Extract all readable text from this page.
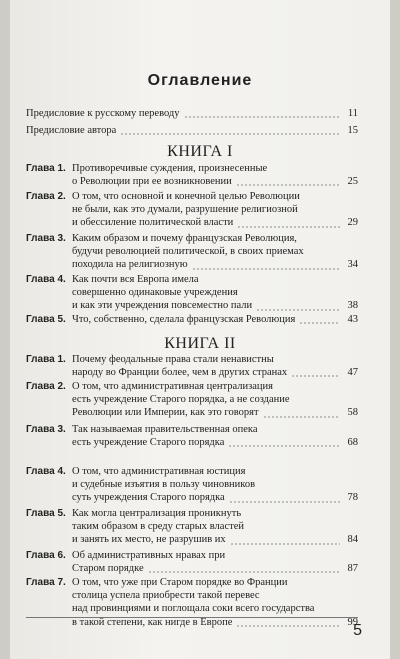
Оглавление
Предисловие к русскому переводу	11
Предисловие автора	15
КНИГА I
Глава 1. Противоречивые суждения, произнесенные
о Революции при ее возникновении	25
Глава 2. О том, что основной и конечной целью Революции
не были, как это думали, разрушение религиозной
и обессиление политической власти	29
Глава 3. Каким образом и почему французская Революция,
будучи революцией политической, в своих приемах
походила на религиозную	34
Глава 4. Как почти вся Европа имела
совершенно одинаковые учреждения
и как эти учреждения повсеместно пали	38
Глава 5. Что, собственно, сделала французская Революция	43
КНИГА II
Глава 1. Почему феодальные права стали ненавистны
народу во Франции более, чем в других странах	47
Глава 2. О том, что административная централизация
есть учреждение Старого порядка, а не создание
Революции или Империи, как это говорят	58
Глава 3. Так называемая правительственная опека
есть учреждение Старого порядка	68
Глава 4. О том, что административная юстиция
и судебные изъятия в пользу чиновников
суть учреждения Старого порядка	78
Глава 5. Как могла централизация проникнуть
таким образом в среду старых властей
и занять их место, не разрушив их	84
Глава 6. Об административных нравах при
Старом порядке	87
Глава 7. О том, что уже при Старом порядке во Франции
столица успела приобрести такой перевес
над провинциями и поглощала соки всего государства
в такой степени, как нигде в Европе	99
5
